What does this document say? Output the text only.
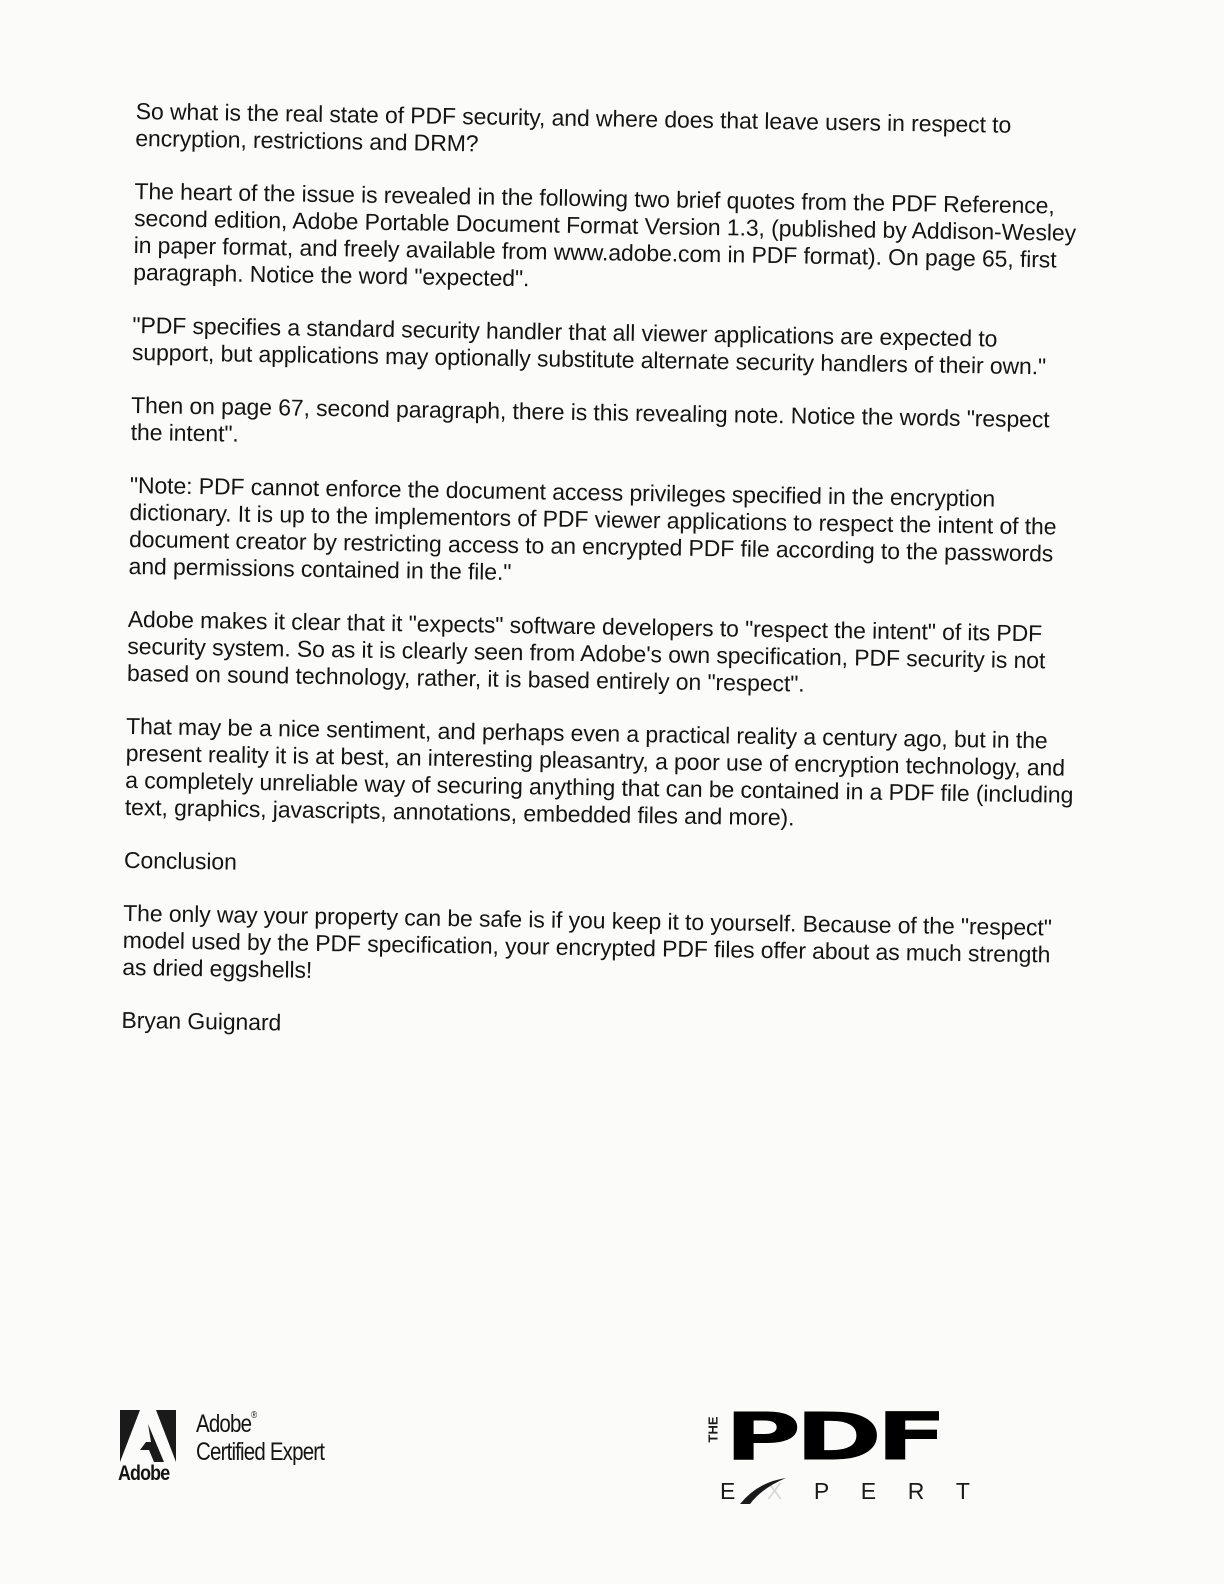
So what is the real state of PDF security, and where does that leave users in respect to encryption, restrictions and DRM?

The heart of the issue is revealed in the following two brief quotes from the PDF Reference, second edition, Adobe Portable Document Format Version 1.3, (published by Addison-Wesley in paper format, and freely available from www.adobe.com in PDF format). On page 65, first paragraph. Notice the word "expected".

"PDF specifies a standard security handler that all viewer applications are expected to support, but applications may optionally substitute alternate security handlers of their own."

Then on page 67, second paragraph, there is this revealing note. Notice the words "respect the intent".

"Note: PDF cannot enforce the document access privileges specified in the encryption dictionary. It is up to the implementors of PDF viewer applications to respect the intent of the document creator by restricting access to an encrypted PDF file according to the passwords and permissions contained in the file."

Adobe makes it clear that it "expects" software developers to "respect the intent" of its PDF security system. So as it is clearly seen from Adobe's own specification, PDF security is not based on sound technology, rather, it is based entirely on "respect".

That may be a nice sentiment, and perhaps even a practical reality a century ago, but in the present reality it is at best, an interesting pleasantry, a poor use of encryption technology, and a completely unreliable way of securing anything that can be contained in a PDF file (including text, graphics, javascripts, annotations, embedded files and more).

Conclusion

The only way your property can be safe is if you keep it to yourself. Because of the "respect" model used by the PDF specification, your encrypted PDF files offer about as much strength as dried eggshells!

Bryan Guignard

Adobe
Adobe®
Certified Expert
THE PDF
E X P E R T
